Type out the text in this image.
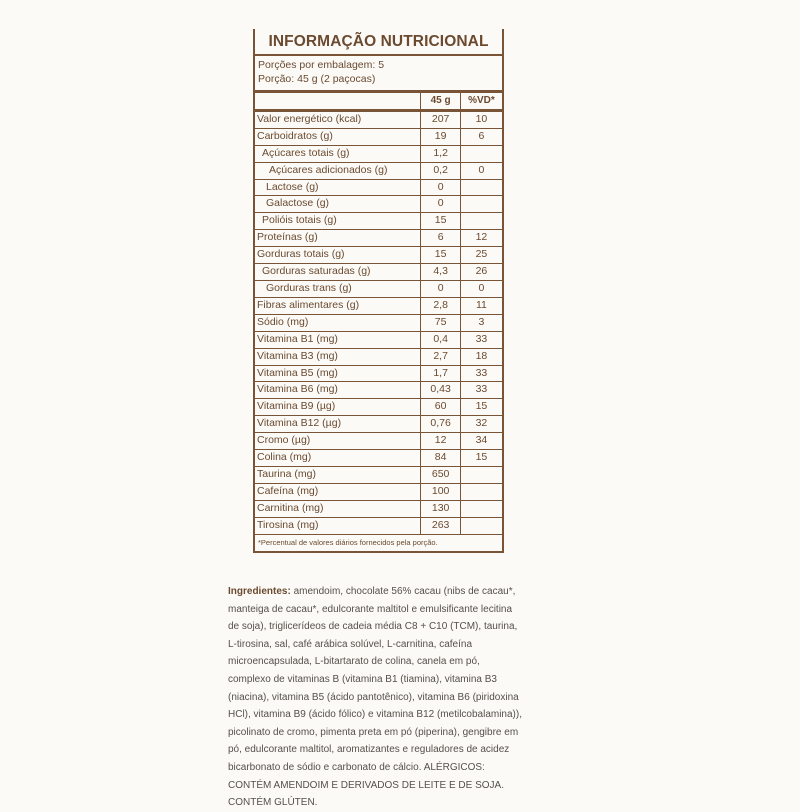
INFORMAÇÃO NUTRICIONAL
Porções por embalagem: 5
Porção: 45 g (2 paçocas)
	45 g	%VD*
Valor energético (kcal)	207	10
Carboidratos (g)	19	6
Açúcares totais (g)	1,2	
Açúcares adicionados (g)	0,2	0
Lactose (g)	0	
Galactose (g)	0	
Polióis totais (g)	15	
Proteínas (g)	6	12
Gorduras totais (g)	15	25
Gorduras saturadas (g)	4,3	26
Gorduras trans (g)	0	0
Fibras alimentares (g)	2,8	11
Sódio (mg)	75	3
Vitamina B1 (mg)	0,4	33
Vitamina B3 (mg)	2,7	18
Vitamina B5 (mg)	1,7	33
Vitamina B6 (mg)	0,43	33
Vitamina B9 (µg)	60	15
Vitamina B12 (µg)	0,76	32
Cromo (µg)	12	34
Colina (mg)	84	15
Taurina (mg)	650	
Cafeína (mg)	100	
Carnitina (mg)	130	
Tirosina (mg)	263	
*Percentual de valores diários fornecidos pela porção.
Ingredientes: amendoim, chocolate 56% cacau (nibs de cacau*, manteiga de cacau*, edulcorante maltitol e emulsificante lecitina de soja), triglicerídeos de cadeia média C8 + C10 (TCM), taurina, L-tirosina, sal, café arábica solúvel, L-carnitina, cafeína microencapsulada, L-bitartarato de colina, canela em pó, complexo de vitaminas B (vitamina B1 (tiamina), vitamina B3 (niacina), vitamina B5 (ácido pantotênico), vitamina B6 (piridoxina HCl), vitamina B9 (ácido fólico) e vitamina B12 (metilcobalamina)), picolinato de cromo, pimenta preta em pó (piperina), gengibre em pó, edulcorante maltitol, aromatizantes e reguladores de acidez bicarbonato de sódio e carbonato de cálcio. ALÉRGICOS: CONTÉM AMENDOIM E DERIVADOS DE LEITE E DE SOJA. CONTÉM GLÚTEN.
